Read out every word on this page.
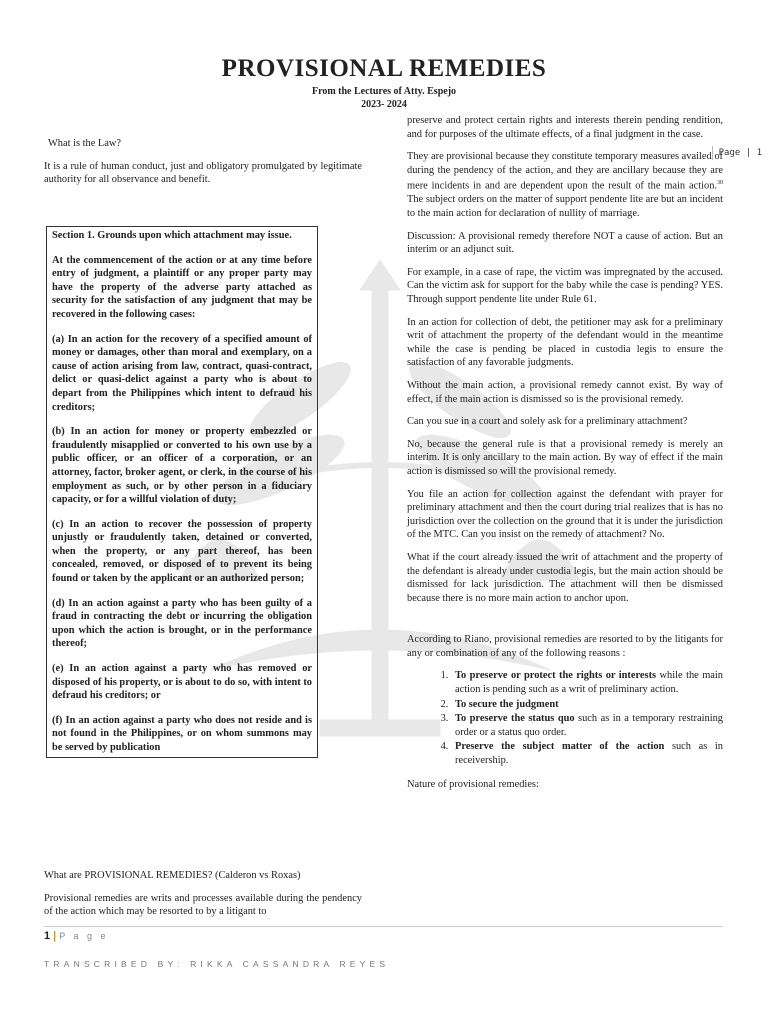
PROVISIONAL REMEDIES
From the Lectures of Atty. Espejo
2023- 2024
Page | 1

What is the Law?

It is a rule of human conduct, just and obligatory promulgated by legitimate authority for all observance and benefit.

Section 1. Grounds upon which attachment may issue.

At the commencement of the action or at any time before entry of judgment, a plaintiff or any proper party may have the property of the adverse party attached as security for the satisfaction of any judgment that may be recovered in the following cases:

(a) In an action for the recovery of a specified amount of money or damages, other than moral and exemplary, on a cause of action arising from law, contract, quasi-contract, delict or quasi-delict against a party who is about to depart from the Philippines which intent to defraud his creditors;

(b) In an action for money or property embezzled or fraudulently misapplied or converted to his own use by a public officer, or an officer of a corporation, or an attorney, factor, broker agent, or clerk, in the course of his employment as such, or by other person in a fiduciary capacity, or for a willful violation of duty;

(c) In an action to recover the possession of property unjustly or fraudulently taken, detained or converted, when the property, or any part thereof, has been concealed, removed, or disposed of to prevent its being found or taken by the applicant or an authorized person;

(d) In an action against a party who has been guilty of a fraud in contracting the debt or incurring the obligation upon which the action is brought, or in the performance thereof;

(e) In an action against a party who has removed or disposed of his property, or is about to do so, with intent to defraud his creditors; or

(f) In an action against a party who does not reside and is not found in the Philippines, or on whom summons may be served by publication

What are PROVISIONAL REMEDIES? (Calderon vs Roxas)

Provisional remedies are writs and processes available during the pendency of the action which may be resorted to by a litigant to

preserve and protect certain rights and interests therein pending rendition, and for purposes of the ultimate effects, of a final judgment in the case.

They are provisional because they constitute temporary measures availed of during the pendency of the action, and they are ancillary because they are mere incidents in and are dependent upon the result of the main action.$^{30}$ The subject orders on the matter of support pendente lite are but an incident to the main action for declaration of nullity of marriage.

Discussion: A provisional remedy therefore NOT a cause of action. But an interim or an adjunct suit.

For example, in a case of rape, the victim was impregnated by the accused. Can the victim ask for support for the baby while the case is pending? YES. Through support pendente lite under Rule 61.

In an action for collection of debt, the petitioner may ask for a preliminary writ of attachment the property of the defendant would in the meantime while the case is pending be placed in custodia legis to ensure the satisfaction of any favorable judgments.

Without the main action, a provisional remedy cannot exist. By way of effect, if the main action is dismissed so is the provisional remedy.

Can you sue in a court and solely ask for a preliminary attachment?

No, because the general rule is that a provisional remedy is merely an interim. It is only ancillary to the main action. By way of effect if the main action is dismissed so will the provisional remedy.

You file an action for collection against the defendant with prayer for preliminary attachment and then the court during trial realizes that is has no jurisdiction over the collection on the ground that it is under the jurisdiction of the MTC. Can you insist on the remedy of attachment? No.

What if the court already issued the writ of attachment and the property of the defendant is already under custodia legis, but the main action should be dismissed for lack jurisdiction. The attachment will then be dismissed because there is no more main action to anchor upon.

According to Riano, provisional remedies are resorted to by the litigants for any or combination of any of the following reasons :

1. To preserve or protect the rights or interests while the main action is pending such as a writ of preliminary action.
2. To secure the judgment
3. To preserve the status quo such as in a temporary restraining order or a status quo order.
4. Preserve the subject matter of the action such as in receivership.

Nature of provisional remedies:

1 | P a g e
TRANSCRIBED BY: RIKKA CASSANDRA REYES
